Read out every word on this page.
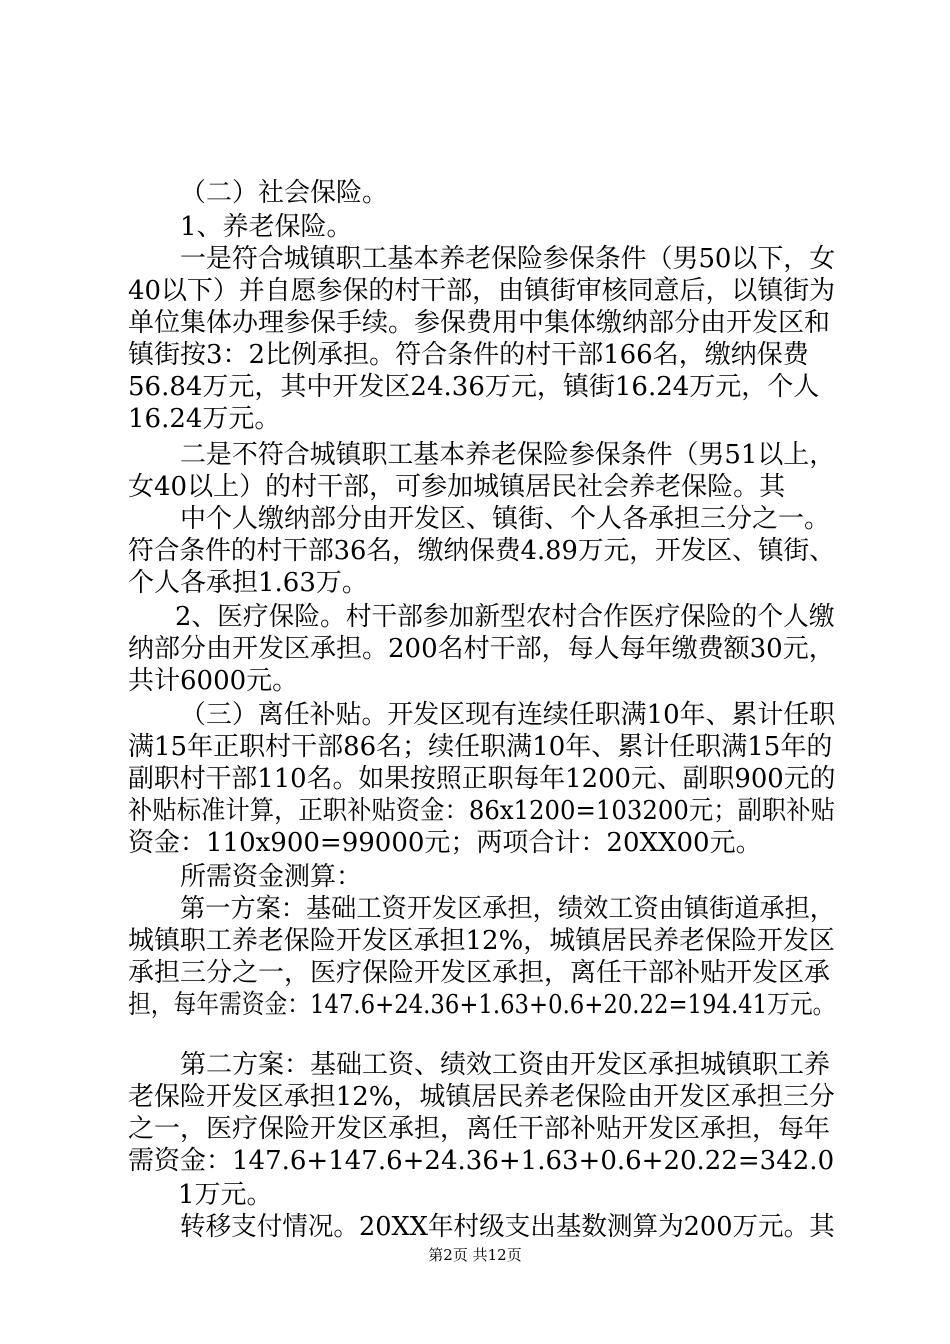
（二）社会保险。
1、养老保险。
一是符合城镇职工基本养老保险参保条件（男50以下，女
40以下）并自愿参保的村干部，由镇街审核同意后，以镇街为
单位集体办理参保手续。参保费用中集体缴纳部分由开发区和
镇街按3：2比例承担。符合条件的村干部166名，缴纳保费
56.84万元，其中开发区24.36万元，镇街16.24万元，个人
16.24万元。
二是不符合城镇职工基本养老保险参保条件（男51以上，
女40以上）的村干部，可参加城镇居民社会养老保险。其
中个人缴纳部分由开发区、镇街、个人各承担三分之一。
符合条件的村干部36名，缴纳保费4.89万元，开发区、镇街、
个人各承担1.63万。
2、医疗保险。村干部参加新型农村合作医疗保险的个人缴
纳部分由开发区承担。200名村干部，每人每年缴费额30元，
共计6000元。
（三）离任补贴。开发区现有连续任职满10年、累计任职
满15年正职村干部86名；续任职满10年、累计任职满15年的
副职村干部110名。如果按照正职每年1200元、副职900元的
补贴标准计算，正职补贴资金：86x1200=103200元；副职补贴
资金：110x900=99000元；两项合计：20XX00元。
所需资金测算：
第一方案：基础工资开发区承担，绩效工资由镇街道承担，
城镇职工养老保险开发区承担12%，城镇居民养老保险开发区
承担三分之一，医疗保险开发区承担，离任干部补贴开发区承
担，每年需资金：147.6+24.36+1.63+0.6+20.22=194.41万元。
第二方案：基础工资、绩效工资由开发区承担城镇职工养
老保险开发区承担12%，城镇居民养老保险由开发区承担三分
之一，医疗保险开发区承担，离任干部补贴开发区承担，每年
需资金：147.6+147.6+24.36+1.63+0.6+20.22=342.0
1万元。
转移支付情况。20XX年村级支出基数测算为200万元。其
第2页 共12页
